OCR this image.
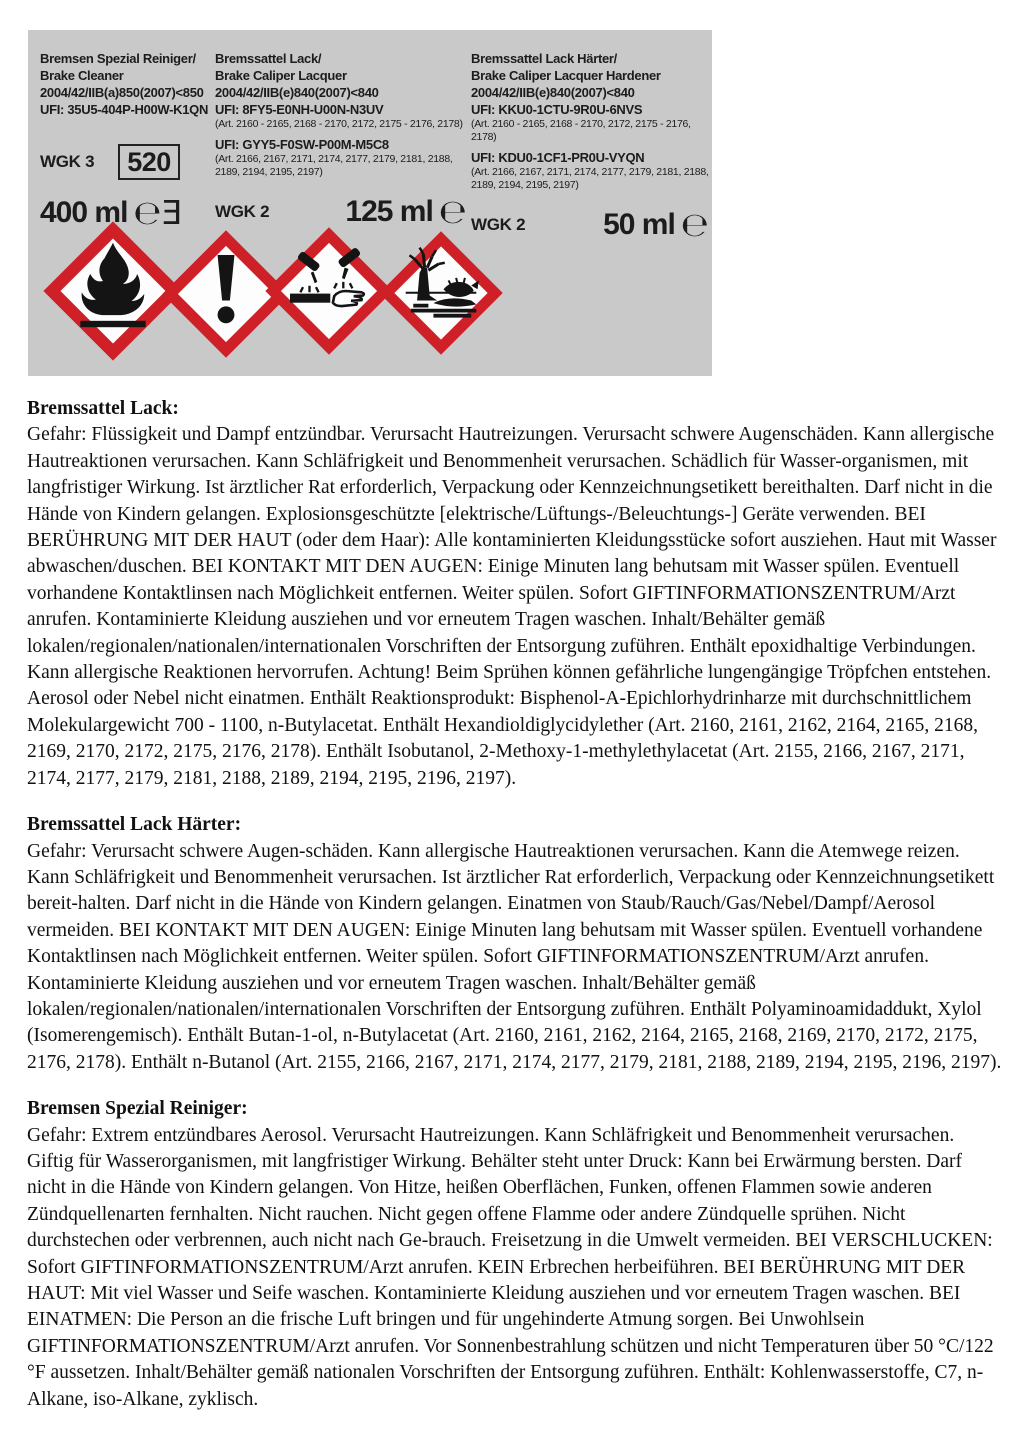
Bremsen Spezial Reiniger/
Brake Cleaner
2004/42/IIB(a)850(2007)<850
UFI: 35U5-404P-H00W-K1QN
WGK 3	520
400 ml ℮Ǝ
Bremssattel Lack/
Brake Caliper Lacquer
2004/42/IIB(e)840(2007)<840
UFI: 8FY5-E0NH-U00N-N3UV
(Art. 2160 - 2165, 2168 - 2170, 2172, 2175 - 2176, 2178)
UFI: GYY5-F0SW-P00M-M5C8
(Art. 2166, 2167, 2171, 2174, 2177, 2179, 2181, 2188, 2189, 2194, 2195, 2197)
WGK 2	125 ml ℮
Bremssattel Lack Härter/
Brake Caliper Lacquer Hardener
2004/42/IIB(e)840(2007)<840
UFI: KKU0-1CTU-9R0U-6NVS
(Art. 2160 - 2165, 2168 - 2170, 2172, 2175 - 2176, 2178)
UFI: KDU0-1CF1-PR0U-VYQN
(Art. 2166, 2167, 2171, 2174, 2177, 2179, 2181, 2188, 2189, 2194, 2195, 2197)
WGK 2	50 ml ℮
Bremssattel Lack:

Gefahr: Flüssigkeit und Dampf entzündbar. Verursacht Hautreizungen. Verursacht schwere Augenschäden. Kann allergische Hautreaktionen verursachen. Kann Schläfrigkeit und Benommenheit verursachen. Schädlich für Wasser-organismen, mit langfristiger Wirkung. Ist ärztlicher Rat erforderlich, Verpackung oder Kennzeichnungsetikett bereithalten. Darf nicht in die Hände von Kindern gelangen. Explosionsgeschützte [elektrische/Lüftungs-/Beleuchtungs-] Geräte verwenden. BEI BERÜHRUNG MIT DER HAUT (oder dem Haar): Alle kontaminierten Kleidungsstücke sofort ausziehen. Haut mit Wasser abwaschen/duschen. BEI KONTAKT MIT DEN AUGEN: Einige Minuten lang behutsam mit Wasser spülen. Eventuell vorhandene Kontaktlinsen nach Möglichkeit entfernen. Weiter spülen. Sofort GIFTINFORMATIONSZENTRUM/Arzt anrufen. Kontaminierte Kleidung ausziehen und vor erneutem Tragen waschen. Inhalt/Behälter gemäß lokalen/regionalen/nationalen/internationalen Vorschriften der Entsorgung zuführen. Enthält epoxidhaltige Verbindungen. Kann allergische Reaktionen hervorrufen. Achtung! Beim Sprühen können gefährliche lungengängige Tröpfchen entstehen. Aerosol oder Nebel nicht einatmen. Enthält Reaktionsprodukt: Bisphenol-A-Epichlorhydrinharze mit durchschnittlichem Molekulargewicht 700 - 1100, n-Butylacetat. Enthält Hexandioldiglycidylether (Art. 2160, 2161, 2162, 2164, 2165, 2168, 2169, 2170, 2172, 2175, 2176, 2178). Enthält Isobutanol, 2-Methoxy-1-methylethylacetat (Art. 2155, 2166, 2167, 2171, 2174, 2177, 2179, 2181, 2188, 2189, 2194, 2195, 2196, 2197).

Bremssattel Lack Härter:

Gefahr: Verursacht schwere Augen-schäden. Kann allergische Hautreaktionen verursachen. Kann die Atemwege reizen. Kann Schläfrigkeit und Benommenheit verursachen. Ist ärztlicher Rat erforderlich, Verpackung oder Kennzeichnungsetikett bereit-halten. Darf nicht in die Hände von Kindern gelangen. Einatmen von Staub/Rauch/Gas/Nebel/Dampf/Aerosol vermeiden. BEI KONTAKT MIT DEN AUGEN: Einige Minuten lang behutsam mit Wasser spülen. Eventuell vorhandene Kontaktlinsen nach Möglichkeit entfernen. Weiter spülen. Sofort GIFTINFORMATIONSZENTRUM/Arzt anrufen. Kontaminierte Kleidung ausziehen und vor erneutem Tragen waschen. Inhalt/Behälter gemäß lokalen/regionalen/nationalen/internationalen Vorschriften der Entsorgung zuführen. Enthält Polyaminoamidaddukt, Xylol (Isomerengemisch). Enthält Butan-1-ol, n-Butylacetat (Art. 2160, 2161, 2162, 2164, 2165, 2168, 2169, 2170, 2172, 2175, 2176, 2178). Enthält n-Butanol (Art. 2155, 2166, 2167, 2171, 2174, 2177, 2179, 2181, 2188, 2189, 2194, 2195, 2196, 2197).

Bremsen Spezial Reiniger:

Gefahr: Extrem entzündbares Aerosol. Verursacht Hautreizungen. Kann Schläfrigkeit und Benommenheit verursachen. Giftig für Wasserorganismen, mit langfristiger Wirkung. Behälter steht unter Druck: Kann bei Erwärmung bersten. Darf nicht in die Hände von Kindern gelangen. Von Hitze, heißen Oberflächen, Funken, offenen Flammen sowie anderen Zündquellenarten fernhalten. Nicht rauchen. Nicht gegen offene Flamme oder andere Zündquelle sprühen. Nicht durchstechen oder verbrennen, auch nicht nach Ge-brauch. Freisetzung in die Umwelt vermeiden. BEI VERSCHLUCKEN: Sofort GIFTINFORMATIONSZENTRUM/Arzt anrufen. KEIN Erbrechen herbeiführen. BEI BERÜHRUNG MIT DER HAUT: Mit viel Wasser und Seife waschen. Kontaminierte Kleidung ausziehen und vor erneutem Tragen waschen. BEI EINATMEN: Die Person an die frische Luft bringen und für ungehinderte Atmung sorgen. Bei Unwohlsein GIFTINFORMATIONSZENTRUM/Arzt anrufen. Vor Sonnenbestrahlung schützen und nicht Temperaturen über 50 °C/122 °F aussetzen. Inhalt/Behälter gemäß nationalen Vorschriften der Entsorgung zuführen. Enthält: Kohlenwasserstoffe, C7, n-Alkane, iso-Alkane, zyklisch.
